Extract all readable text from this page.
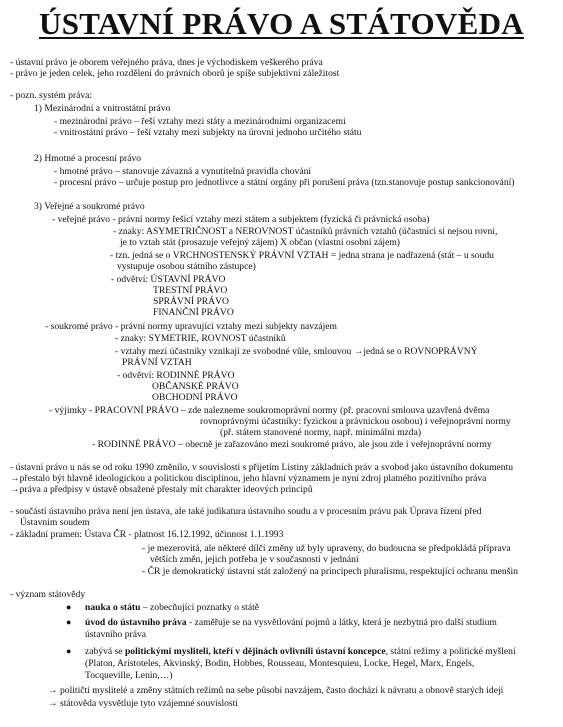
ÚSTAVNÍ PRÁVO A STÁTOVĚDA
- ústavní právo je oborem veřejného práva, dnes je východiskem veškerého práva
- právo je jeden celek, jeho rozdělení do právních oborů je spíše subjektivní záležitost
- pozn. systém práva:
1) Mezinárodní a vnitrostátní právo
- mezinárodní právo – řeší vztahy mezi státy a mezinárodními organizacemi
- vnitrostátní právo – řeší vztahy mezi subjekty na úrovni jednoho určitého státu
2) Hmotné a procesní právo
- hmotné právo – stanovuje závazná a vynutitelná pravidla chování
- procesní právo – určuje postup pro jednotlivce a státní orgány při porušení práva (tzn.stanovuje postup sankcionování)
3) Veřejné a soukromé právo
- veřejné právo - právní normy řešící vztahy mezi státem a subjektem (fyzická či právnická osoba)
- znaky: ASYMETRIČNOST a NEROVNOST účastníků právních vztahů (účastníci si nejsou rovni,
je to vztah stát (prosazuje veřejný zájem) X občan (vlastní osobní zájem)
- tzn. jedná se o VRCHNOSTENSKÝ PRÁVNÍ VZTAH = jedna strana je nadřazená (stát – u soudu
vystupuje osobou státního zástupce)
- odvětví: ÚSTAVNÍ PRÁVO
TRESTNÍ PRÁVO
SPRÁVNÍ PRÁVO
FINANČNÍ PRÁVO
- soukromé právo - právní normy upravující vztahy mezi subjekty navzájem
- znaky: SYMETRIE, ROVNOST účastníků
- vztahy mezi účastníky vznikají ze svobodné vůle, smlouvou →jedná se o ROVNOPRÁVNÝ
PRÁVNÍ VZTAH
- odvětví: RODINNÉ PRÁVO
OBČANSKÉ PRÁVO
OBCHODNÍ PRÁVO
- výjimky - PRACOVNÍ PRÁVO – zde nalezneme soukromoprávní normy (př. pracovní smlouva uzavřená dvěma
rovnoprávnými účastníky: fyzickou a právnickou osobou) i veřejnoprávní normy
(př. státem stanovené normy, např. minimální mzda)
- RODINNÉ PRÁVO – obecně je zařazováno mezi soukromé právo, ale jsou zde i veřejnoprávní normy
- ústavní právo u nás se od roku 1990 změnilo, v souvislosti s přijetím Listiny základních práv a svobod jako ústavního dokumentu
→přestalo být hlavně ideologickou a politickou disciplínou, jeho hlavní významem je nyní zdroj platného pozitivního práva
→práva a předpisy v ústavě obsažené přestaly mít charakter ideových principů
- součástí ústavního práva není jen ústava, ale také judikatura ústavního soudu a v procesním právu pak Úprava řízení před
Ústavním soudem
- základní pramen: Ústava ČR - platnost 16.12.1992, účinnost 1.1.1993
- je mezerovitá, ale některé dílčí změny už byly upraveny, do budoucna se předpokládá příprava
větších změn, jejich potřeba je v současnosti v jednání
- ČR je demokratický ústavní stát založený na principech pluralismu, respektující ochranu menšin
- význam státovědy
● nauka o státu – zobecňující poznatky o státě
● úvod do ústavního práva - zaměřuje se na vysvětlování pojmů a látky, která je nezbytná pro další studium
ústavního práva
● zabývá se politickými mysliteli, kteří v dějinách ovlivnili ústavní koncepce, státní režimy a politické myšlení
(Platon, Aristoteles, Akvinský, Bodin, Hobbes, Rousseau, Montesquieu, Locke, Hegel, Marx, Engels,
Tocqueville, Lenin,…)
→ političtí myslitelé a změny státních režimů na sebe působí navzájem, často dochází k návratu a obnově starých idejí
→ státověda vysvětluje tyto vzájemné souvislosti
